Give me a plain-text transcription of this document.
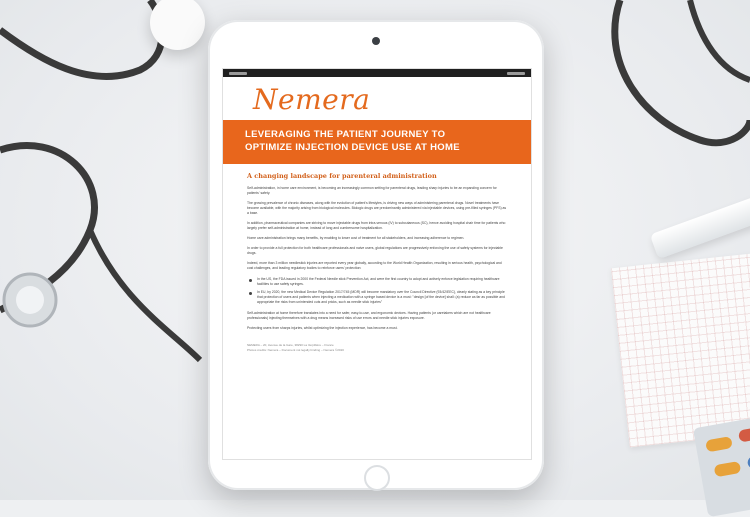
Nemera
LEVERAGING THE PATIENT JOURNEY TO
OPTIMIZE INJECTION DEVICE USE AT HOME
A changing landscape for parenteral administration

Self-administration, in home care environment, is becoming an increasingly common setting for parenteral drugs, leading sharp injuries to be an expanding concern for patients' safety.

The growing prevalence of chronic diseases, along with the evolution of patient's lifestyles, is driving new ways of administering parenteral drugs. Novel treatments have become available, with the majority arising from biological molecules. Biologic drugs are predominantly administered via injectable devices, using pre-filled syringes (PFS) as a base.

In addition, pharmaceutical companies are striving to move injectable drugs from intra-venous (IV) to subcutaneous (SC), hence avoiding hospital chair time for patients who largely prefer self-administration at home, instead of long and cumbersome hospitalization.

Home care administration brings many benefits, by enabling to lower cost of treatment for all stakeholders, and increasing adherence to regimen.

In order to provide a full protection for both healthcare professionals and naive users, global regulations are progressively enforcing the use of safety systems for injectable drugs.

Indeed, more than 3 million needlestick injuries are reported every year globally, according to the World Health Organization, resulting in serious health, psychological and cost challenges, and leading regulatory bodies to reinforce users' protection:

In the US, the FDA issued in 2000 the Federal Needle stick Prevention Act, and were the first country to adopt and actively enforce legislation requiring healthcare facilities to use safety syringes.
In EU, by 2020, the new Medical Device Regulation 2017/745 (MDR) will become mandatory over the Council Directive (93/42/EEC), clearly stating as a key principle that protection of users and patients when injecting a medication with a syringe based device is a must: "design [of the device] shall: (a) reduce as far as possible and appropriate the risks from unintended cuts and pricks, such as needle stick injuries"

Self-administration at home therefore translates into a need for safer, easy-to-use, and ergonomic devices. Having patients (or caretakers which are not healthcare professionals) injecting themselves with a drug means increased risks of use errors and needle stick injuries exposure.

Protecting users from sharps injuries, whilst optimizing the injection experience, has become a must.

NEMERA – 20, Avenue de la Gare, 38290 La Verpillière – France
Photos credits: Nemera – Document not legally binding – Nemera ©2020
